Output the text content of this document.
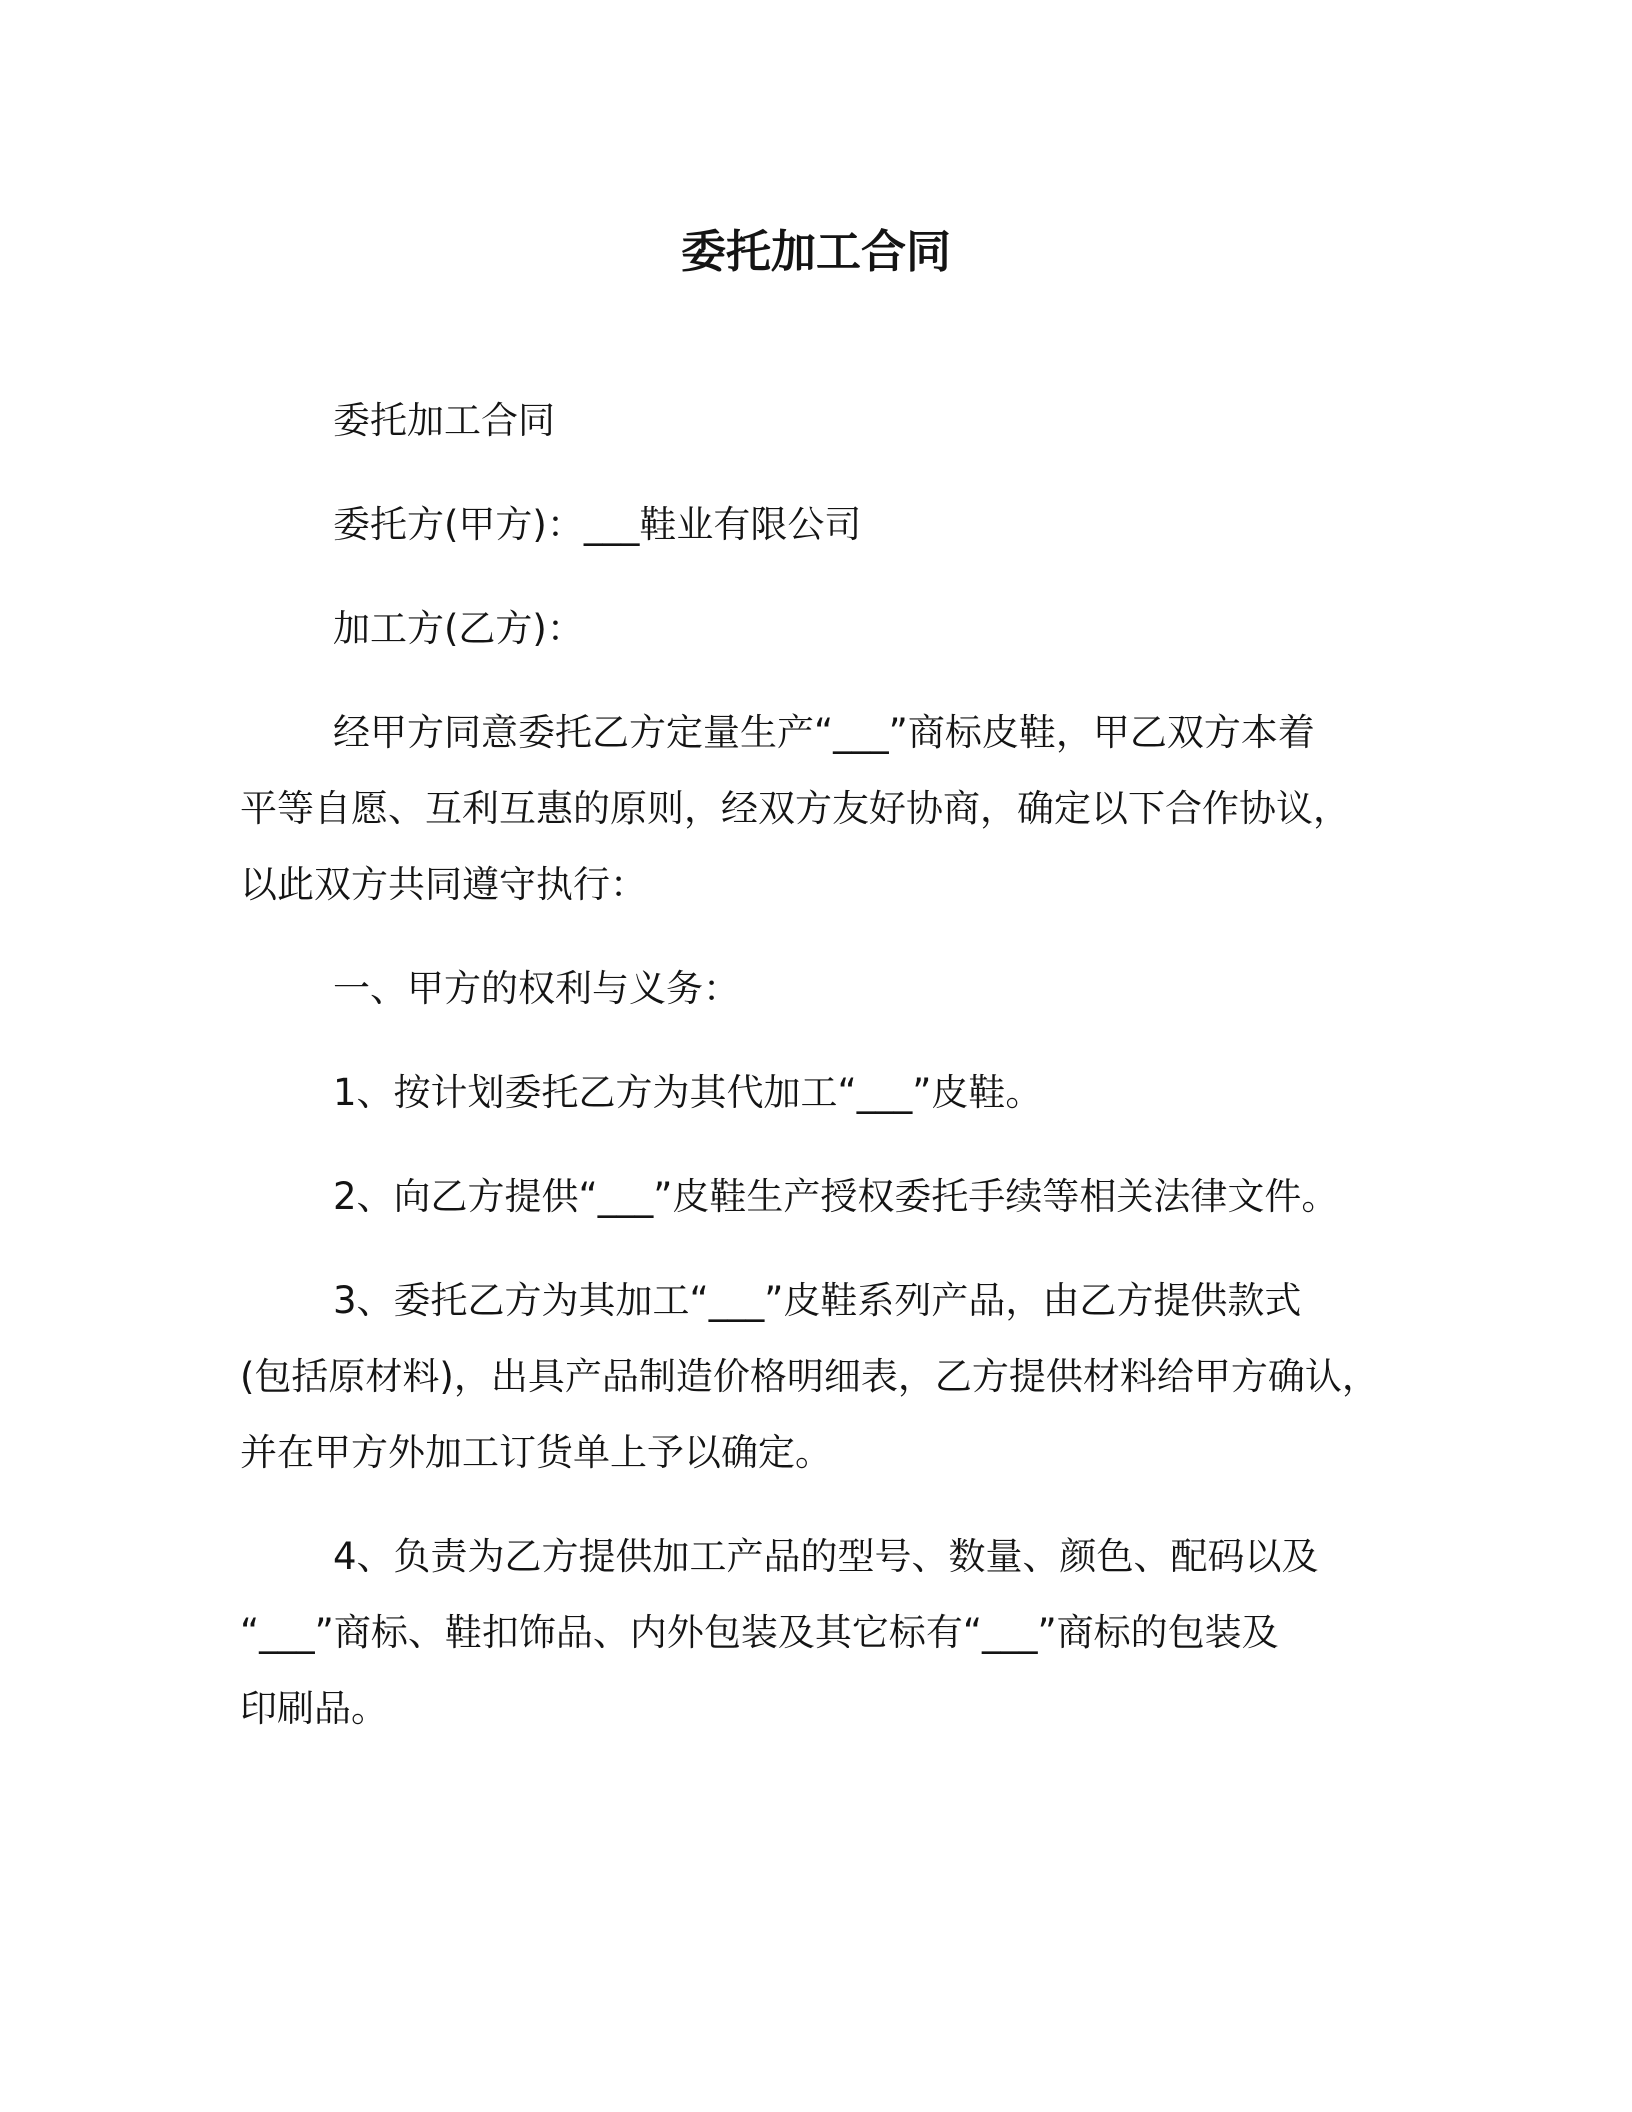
委托加工合同
委托加工合同
委托方(甲方)：___鞋业有限公司
加工方(乙方)：
经甲方同意委托乙方定量生产“___”商标皮鞋，甲乙双方本着
平等自愿、互利互惠的原则，经双方友好协商，确定以下合作协议，
以此双方共同遵守执行：
一、甲方的权利与义务：
1、按计划委托乙方为其代加工“___”皮鞋。
2、向乙方提供“___”皮鞋生产授权委托手续等相关法律文件。
3、委托乙方为其加工“___”皮鞋系列产品，由乙方提供款式
(包括原材料)，出具产品制造价格明细表，乙方提供材料给甲方确认，
并在甲方外加工订货单上予以确定。
4、负责为乙方提供加工产品的型号、数量、颜色、配码以及
“___”商标、鞋扣饰品、内外包装及其它标有“___”商标的包装及
印刷品。
